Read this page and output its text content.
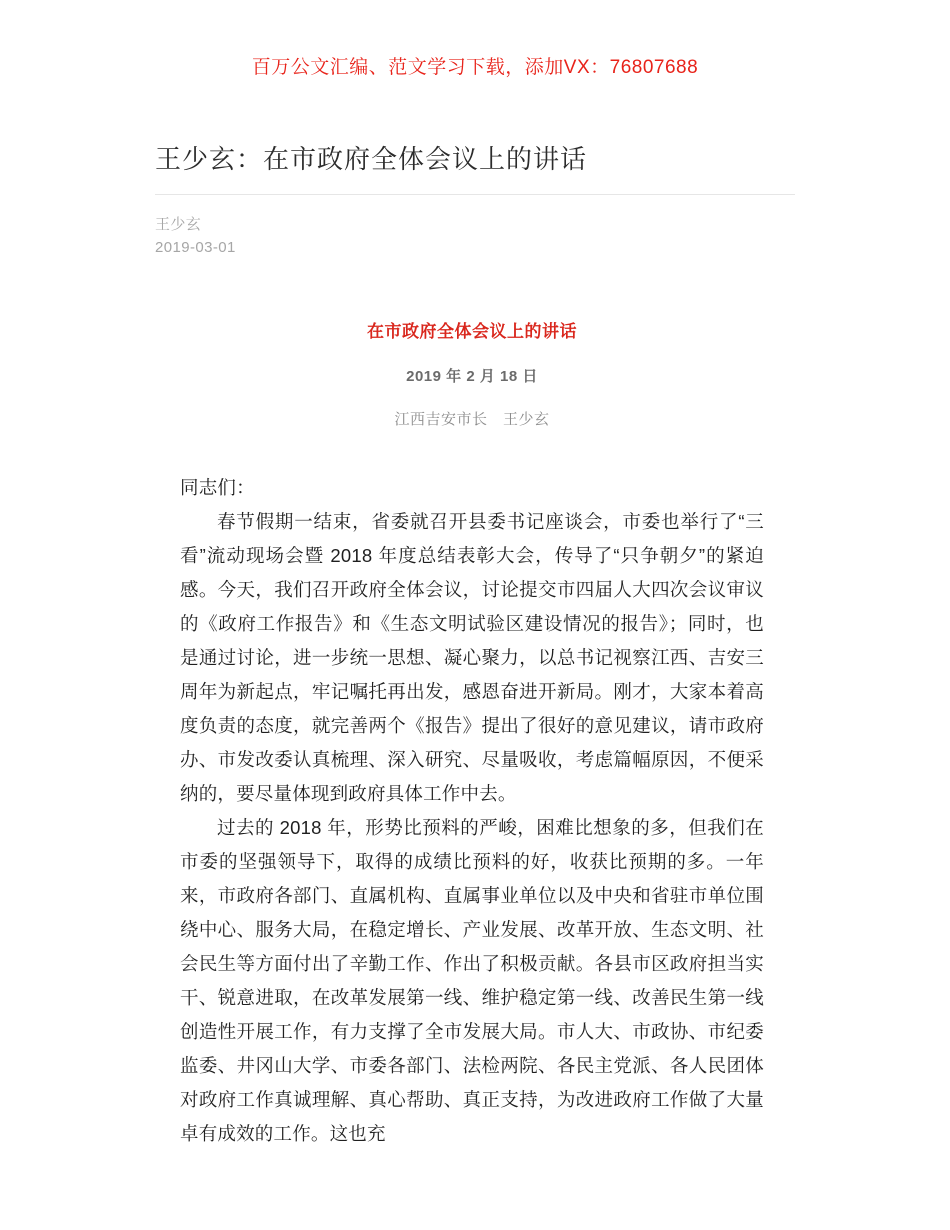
百万公文汇编、范文学习下载，添加VX：76807688
王少玄：在市政府全体会议上的讲话
王少玄
2019-03-01
在市政府全体会议上的讲话
2019 年 2 月 18 日
江西吉安市长　王少玄

同志们：

春节假期一结束，省委就召开县委书记座谈会，市委也举行了“三看”流动现场会暨 2018 年度总结表彰大会，传导了“只争朝夕”的紧迫感。今天，我们召开政府全体会议，讨论提交市四届人大四次会议审议的《政府工作报告》和《生态文明试验区建设情况的报告》；同时，也是通过讨论，进一步统一思想、凝心聚力，以总书记视察江西、吉安三周年为新起点，牢记嘱托再出发，感恩奋进开新局。刚才，大家本着高度负责的态度，就完善两个《报告》提出了很好的意见建议，请市政府办、市发改委认真梳理、深入研究、尽量吸收，考虑篇幅原因，不便采纳的，要尽量体现到政府具体工作中去。

过去的 2018 年，形势比预料的严峻，困难比想象的多，但我们在市委的坚强领导下，取得的成绩比预料的好，收获比预期的多。一年来，市政府各部门、直属机构、直属事业单位以及中央和省驻市单位围绕中心、服务大局，在稳定增长、产业发展、改革开放、生态文明、社会民生等方面付出了辛勤工作、作出了积极贡献。各县市区政府担当实干、锐意进取，在改革发展第一线、维护稳定第一线、改善民生第一线创造性开展工作，有力支撑了全市发展大局。市人大、市政协、市纪委监委、井冈山大学、市委各部门、法检两院、各民主党派、各人民团体对政府工作真诚理解、真心帮助、真正支持，为改进政府工作做了大量卓有成效的工作。这也充
